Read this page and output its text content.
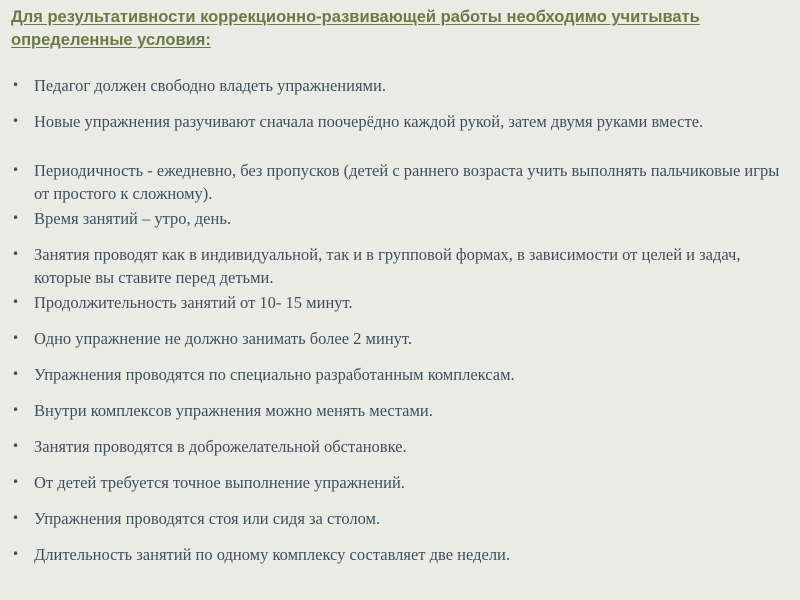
Для результативности коррекционно-развивающей работы необходимо учитывать определенные условия:
• Педагог должен свободно владеть упражнениями.
• Новые упражнения разучивают сначала поочерёдно каждой рукой, затем двумя руками вместе.
• Периодичность - ежедневно, без пропусков (детей с раннего возраста учить выполнять пальчиковые игры от простого к сложному).
• Время занятий – утро, день.
• Занятия проводят как в индивидуальной, так и в групповой формах, в зависимости от целей и задач, которые вы ставите перед детьми.
• Продолжительность занятий от 10- 15 минут.
• Одно упражнение не должно занимать более 2 минут.
• Упражнения проводятся по специально разработанным комплексам.
• Внутри комплексов упражнения можно менять местами.
• Занятия проводятся в доброжелательной обстановке.
• От детей требуется точное выполнение упражнений.
• Упражнения проводятся стоя или сидя за столом.
• Длительность занятий по одному комплексу составляет две недели.
